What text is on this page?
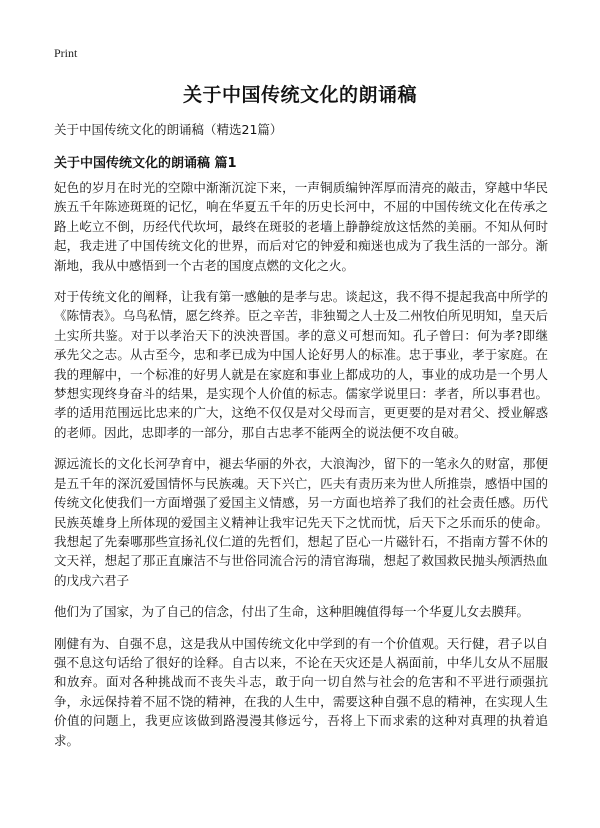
Print
关于中国传统文化的朗诵稿
关于中国传统文化的朗诵稿（精选21篇）
关于中国传统文化的朗诵稿 篇1

妃色的岁月在时光的空隙中渐渐沉淀下来，一声铜质编钟浑厚而清亮的敲击，穿越中华民族五千年陈迹斑斑的记忆，响在华夏五千年的历史长河中，不屈的中国传统文化在传承之路上屹立不倒，历经代代坎坷，最终在斑驳的老墙上静静绽放这恬然的美丽。不知从何时起，我走进了中国传统文化的世界，而后对它的钟爱和痴迷也成为了我生活的一部分。渐渐地，我从中感悟到一个古老的国度点燃的文化之火。

对于传统文化的阐释，让我有第一感触的是孝与忠。谈起这，我不得不提起我高中所学的《陈情表》。乌鸟私情，愿乞终养。臣之辛苦，非独蜀之人士及二州牧伯所见明知，皇天后土实所共鉴。对于以孝治天下的泱泱晋国。孝的意义可想而知。孔子曾曰：何为孝?即继承先父之志。从古至今，忠和孝已成为中国人论好男人的标准。忠于事业，孝于家庭。在我的理解中，一个标准的好男人就是在家庭和事业上都成功的人，事业的成功是一个男人梦想实现终身奋斗的结果，是实现个人价值的标志。儒家学说里曰：孝者，所以事君也。孝的适用范围远比忠来的广大，这绝不仅仅是对父母而言，更更要的是对君父、授业解惑的老师。因此，忠即孝的一部分，那自古忠孝不能两全的说法便不攻自破。

源远流长的文化长河孕育中，褪去华丽的外衣，大浪淘沙，留下的一笔永久的财富，那便是五千年的深沉爱国情怀与民族魂。天下兴亡，匹夫有责历来为世人所推崇，感悟中国的传统文化使我们一方面增强了爱国主义情感，另一方面也培养了我们的社会责任感。历代民族英雄身上所体现的爱国主义精神让我牢记先天下之忧而忧，后天下之乐而乐的使命。我想起了先秦哪那些宣扬礼仪仁道的先哲们，想起了臣心一片磁针石，不指南方誓不休的文天祥，想起了那正直廉洁不与世俗同流合污的清官海瑞，想起了救国救民抛头颅洒热血的戊戌六君子

他们为了国家，为了自己的信念，付出了生命，这种胆魄值得每一个华夏儿女去膜拜。

刚健有为、自强不息，这是我从中国传统文化中学到的有一个价值观。天行健，君子以自强不息这句话给了很好的诠释。自古以来，不论在天灾还是人祸面前，中华儿女从不屈服和放弃。面对各种挑战而不丧失斗志，敢于向一切自然与社会的危害和不平进行顽强抗争，永远保持着不屈不饶的精神，在我的人生中，需要这种自强不息的精神，在实现人生价值的问题上，我更应该做到路漫漫其修远兮，吾将上下而求索的这种对真理的执着追求。
